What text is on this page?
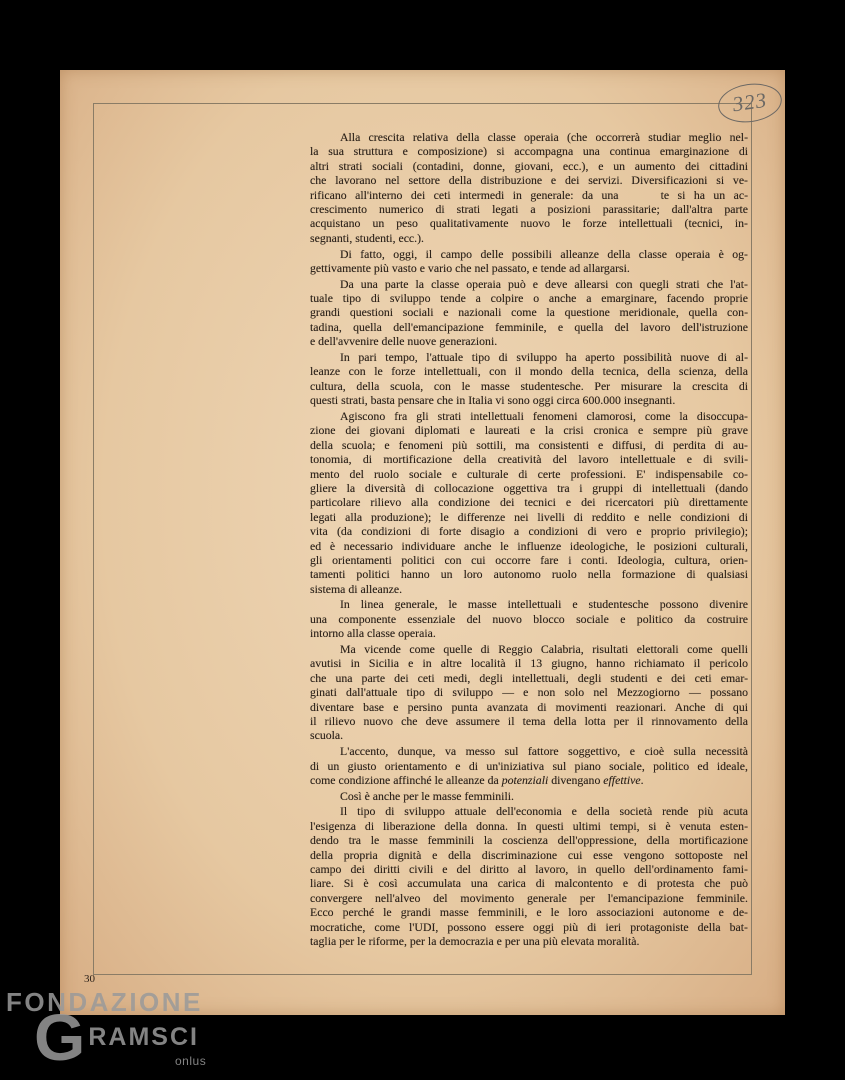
323
Alla crescita relativa della classe operaia (che occorrerà studiar meglio nel-
la sua struttura e composizione) si accompagna una continua emarginazione di
altri strati sociali (contadini, donne, giovani, ecc.), e un aumento dei cittadini
che lavorano nel settore della distribuzione e dei servizi. Diversificazioni si ve-
rificano all'interno dei ceti intermedi in generale: da una     te si ha un ac-
crescimento numerico di strati legati a posizioni parassitarie; dall'altra parte
acquistano un peso qualitativamente nuovo le forze intellettuali (tecnici, in-
segnanti, studenti, ecc.).
Di fatto, oggi, il campo delle possibili alleanze della classe operaia è og-
gettivamente più vasto e vario che nel passato, e tende ad allargarsi.
Da una parte la classe operaia può e deve allearsi con quegli strati che l'at-
tuale tipo di sviluppo tende a colpire o anche a emarginare, facendo proprie
grandi questioni sociali e nazionali come la questione meridionale, quella con-
tadina, quella dell'emancipazione femminile, e quella del lavoro dell'istruzione
e dell'avvenire delle nuove generazioni.
In pari tempo, l'attuale tipo di sviluppo ha aperto possibilità nuove di al-
leanze con le forze intellettuali, con il mondo della tecnica, della scienza, della
cultura, della scuola, con le masse studentesche. Per misurare la crescita di
questi strati, basta pensare che in Italia vi sono oggi circa 600.000 insegnanti.
Agiscono fra gli strati intellettuali fenomeni clamorosi, come la disoccupa-
zione dei giovani diplomati e laureati e la crisi cronica e sempre più grave
della scuola; e fenomeni più sottili, ma consistenti e diffusi, di perdita di au-
tonomia, di mortificazione della creatività del lavoro intellettuale e di svili-
mento del ruolo sociale e culturale di certe professioni. E' indispensabile co-
gliere la diversità di collocazione oggettiva tra i gruppi di intellettuali (dando
particolare rilievo alla condizione dei tecnici e dei ricercatori più direttamente
legati alla produzione); le differenze nei livelli di reddito e nelle condizioni di
vita (da condizioni di forte disagio a condizioni di vero e proprio privilegio);
ed è necessario individuare anche le influenze ideologiche, le posizioni culturali,
gli orientamenti politici con cui occorre fare i conti. Ideologia, cultura, orien-
tamenti politici hanno un loro autonomo ruolo nella formazione di qualsiasi
sistema di alleanze.
In linea generale, le masse intellettuali e studentesche possono divenire
una componente essenziale del nuovo blocco sociale e politico da costruire
intorno alla classe operaia.
Ma vicende come quelle di Reggio Calabria, risultati elettorali come quelli
avutisi in Sicilia e in altre località il 13 giugno, hanno richiamato il pericolo
che una parte dei ceti medi, degli intellettuali, degli studenti e dei ceti emar-
ginati dall'attuale tipo di sviluppo — e non solo nel Mezzogiorno — possano
diventare base e persino punta avanzata di movimenti reazionari. Anche di qui
il rilievo nuovo che deve assumere il tema della lotta per il rinnovamento della
scuola.
L'accento, dunque, va messo sul fattore soggettivo, e cioè sulla necessità
di un giusto orientamento e di un'iniziativa sul piano sociale, politico ed ideale,
come condizione affinché le alleanze da potenziali divengano effettive.
Così è anche per le masse femminili.
Il tipo di sviluppo attuale dell'economia e della società rende più acuta
l'esigenza di liberazione della donna. In questi ultimi tempi, si è venuta esten-
dendo tra le masse femminili la coscienza dell'oppressione, della mortificazione
della propria dignità e della discriminazione cui esse vengono sottoposte nel
campo dei diritti civili e del diritto al lavoro, in quello dell'ordinamento fami-
liare. Si è così accumulata una carica di malcontento e di protesta che può
convergere nell'alveo del movimento generale per l'emancipazione femminile.
Ecco perché le grandi masse femminili, e le loro associazioni autonome e de-
mocratiche, come l'UDI, possono essere oggi più di ieri protagoniste della bat-
taglia per le riforme, per la democrazia e per una più elevata moralità.
30
FONDAZIONE
GRAMSCI
onlus
